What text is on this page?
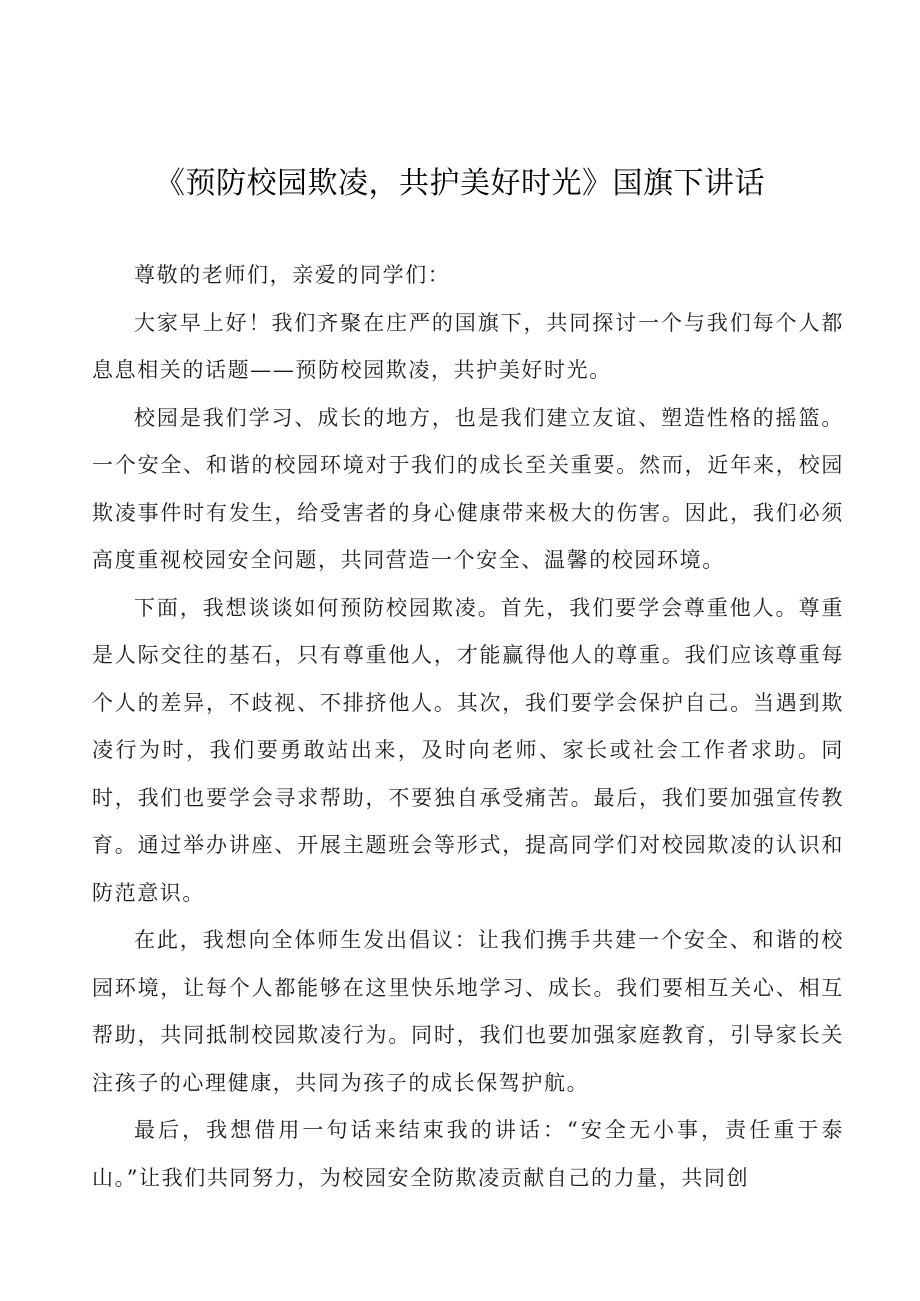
《预防校园欺凌，共护美好时光》国旗下讲话

尊敬的老师们，亲爱的同学们：

大家早上好！我们齐聚在庄严的国旗下，共同探讨一个与我们每个人都息息相关的话题——预防校园欺凌，共护美好时光。

校园是我们学习、成长的地方，也是我们建立友谊、塑造性格的摇篮。一个安全、和谐的校园环境对于我们的成长至关重要。然而，近年来，校园欺凌事件时有发生，给受害者的身心健康带来极大的伤害。因此，我们必须高度重视校园安全问题，共同营造一个安全、温馨的校园环境。

下面，我想谈谈如何预防校园欺凌。首先，我们要学会尊重他人。尊重是人际交往的基石，只有尊重他人，才能赢得他人的尊重。我们应该尊重每个人的差异，不歧视、不排挤他人。其次，我们要学会保护自己。当遇到欺凌行为时，我们要勇敢站出来，及时向老师、家长或社会工作者求助。同时，我们也要学会寻求帮助，不要独自承受痛苦。最后，我们要加强宣传教育。通过举办讲座、开展主题班会等形式，提高同学们对校园欺凌的认识和防范意识。

在此，我想向全体师生发出倡议：让我们携手共建一个安全、和谐的校园环境，让每个人都能够在这里快乐地学习、成长。我们要相互关心、相互帮助，共同抵制校园欺凌行为。同时，我们也要加强家庭教育，引导家长关注孩子的心理健康，共同为孩子的成长保驾护航。

最后，我想借用一句话来结束我的讲话：“安全无小事，责任重于泰山。”让我们共同努力，为校园安全防欺凌贡献自己的力量，共同创
